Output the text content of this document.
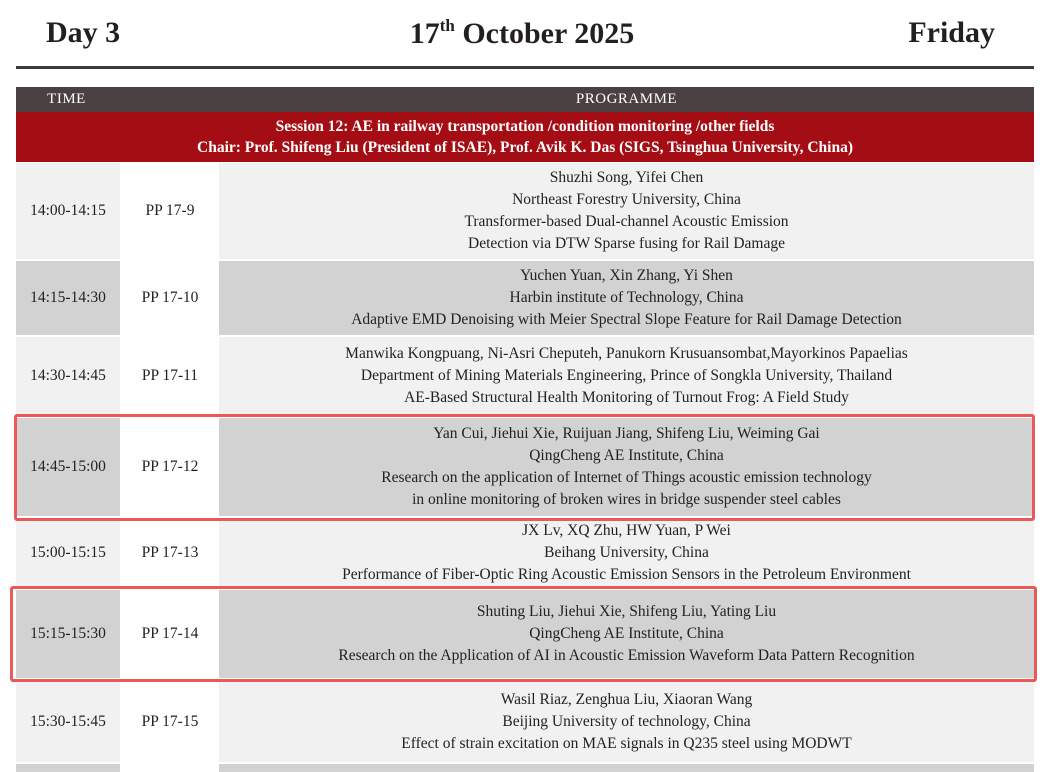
Day 3	17th October 2025	Friday
TIME	PROGRAMME
Session 12: AE in railway transportation /condition monitoring /other fields
Chair: Prof. Shifeng Liu (President of ISAE), Prof. Avik K. Das (SIGS, Tsinghua University, China)
14:00-14:15	PP 17-9
Shuzhi Song, Yifei Chen
Northeast Forestry University, China
Transformer-based Dual-channel Acoustic Emission
Detection via DTW Sparse fusing for Rail Damage
14:15-14:30 PP 17-10
Yuchen Yuan, Xin Zhang, Yi Shen
Harbin institute of Technology, China
Adaptive EMD Denoising with Meier Spectral Slope Feature for Rail Damage Detection
14:30-14:45 PP 17-11
Manwika Kongpuang, Ni-Asri Cheputeh, Panukorn Krusuansombat,Mayorkinos Papaelias
Department of Mining Materials Engineering, Prince of Songkla University, Thailand
AE-Based Structural Health Monitoring of Turnout Frog: A Field Study
14:45-15:00 PP 17-12
Yan Cui, Jiehui Xie, Ruijuan Jiang, Shifeng Liu, Weiming Gai
QingCheng AE Institute, China
Research on the application of Internet of Things acoustic emission technology
in online monitoring of broken wires in bridge suspender steel cables
15:00-15:15 PP 17-13
JX Lv, XQ Zhu, HW Yuan, P Wei
Beihang University, China
Performance of Fiber-Optic Ring Acoustic Emission Sensors in the Petroleum Environment
15:15-15:30 PP 17-14
Shuting Liu, Jiehui Xie, Shifeng Liu, Yating Liu
QingCheng AE Institute, China
Research on the Application of AI in Acoustic Emission Waveform Data Pattern Recognition
15:30-15:45 PP 17-15
Wasil Riaz, Zenghua Liu, Xiaoran Wang
Beijing University of technology, China
Effect of strain excitation on MAE signals in Q235 steel using MODWT
